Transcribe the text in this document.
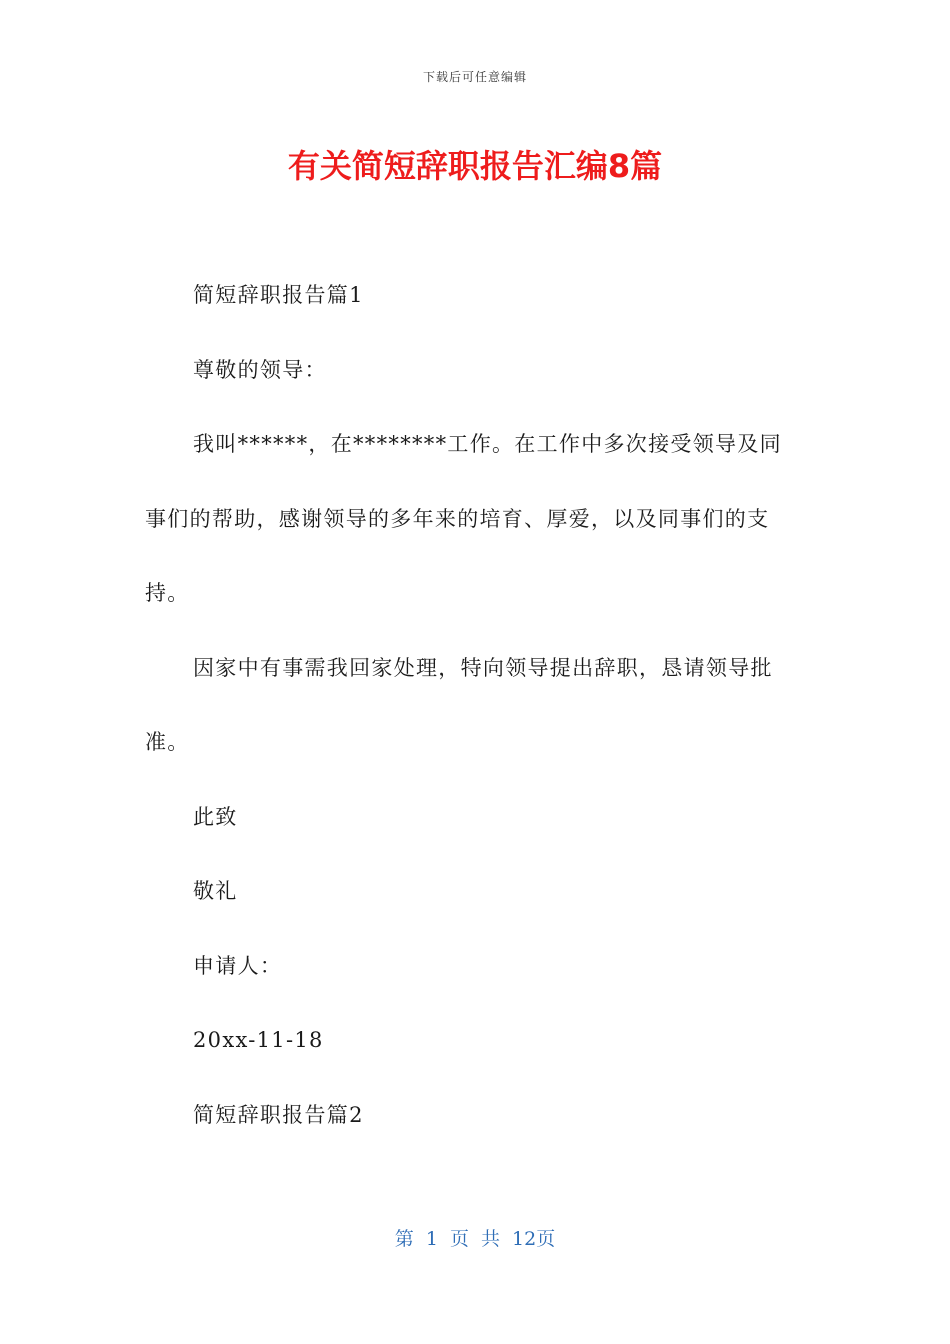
下载后可任意编辑
有关简短辞职报告汇编8篇

简短辞职报告篇1

尊敬的领导：

我叫******，在********工作。在工作中多次接受领导及同事们的帮助，感谢领导的多年来的培育、厚爱，以及同事们的支持。

因家中有事需我回家处理，特向领导提出辞职，恳请领导批准。

此致

敬礼

申请人：

20xx-11-18

简短辞职报告篇2

第 1 页 共 12页
